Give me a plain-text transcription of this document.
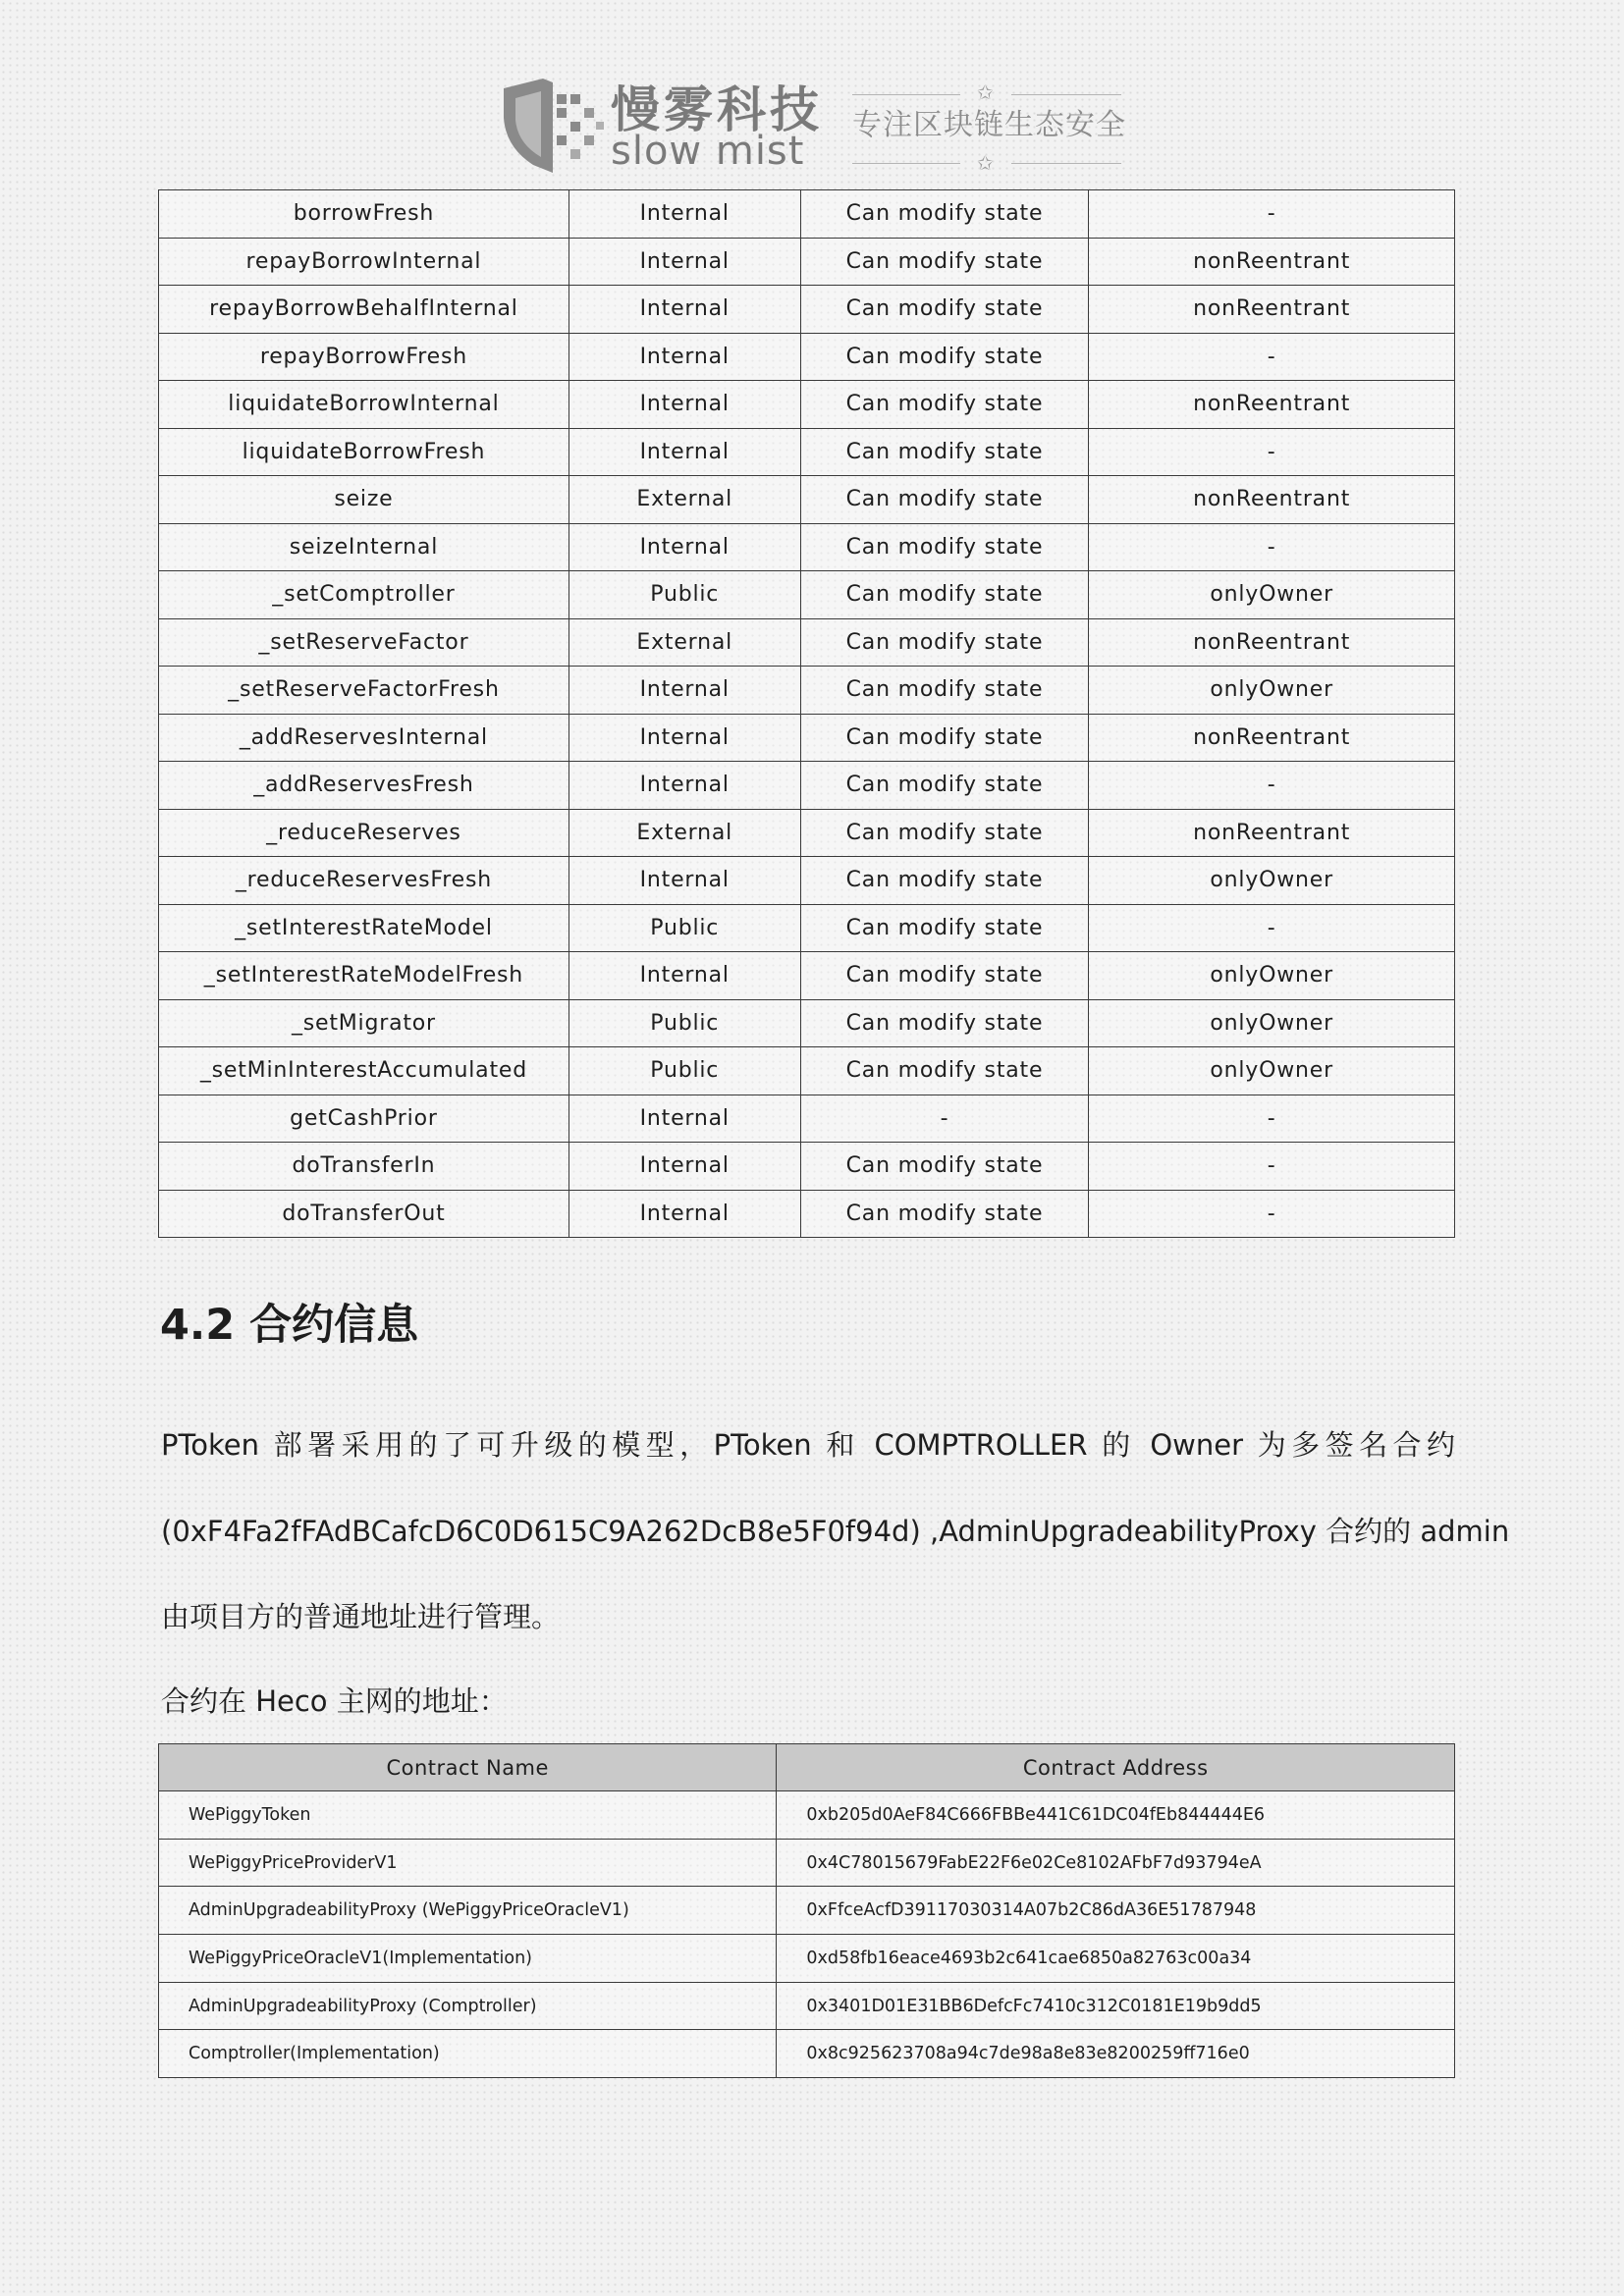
慢雾科技
slow mist
✩
专注区块链生态安全
✩
borrowFresh	Internal	Can modify state	-
repayBorrowInternal	Internal	Can modify state	nonReentrant
repayBorrowBehalfInternal	Internal	Can modify state	nonReentrant
repayBorrowFresh	Internal	Can modify state	-
liquidateBorrowInternal	Internal	Can modify state	nonReentrant
liquidateBorrowFresh	Internal	Can modify state	-
seize	External	Can modify state	nonReentrant
seizeInternal	Internal	Can modify state	-
_setComptroller	Public	Can modify state	onlyOwner
_setReserveFactor	External	Can modify state	nonReentrant
_setReserveFactorFresh	Internal	Can modify state	onlyOwner
_addReservesInternal	Internal	Can modify state	nonReentrant
_addReservesFresh	Internal	Can modify state	-
_reduceReserves	External	Can modify state	nonReentrant
_reduceReservesFresh	Internal	Can modify state	onlyOwner
_setInterestRateModel	Public	Can modify state	-
_setInterestRateModelFresh	Internal	Can modify state	onlyOwner
_setMigrator	Public	Can modify state	onlyOwner
_setMinInterestAccumulated	Public	Can modify state	onlyOwner
getCashPrior	Internal	-	-
doTransferIn	Internal	Can modify state	-
doTransferOut	Internal	Can modify state	-
4.2 合约信息

PToken 部署采用的了可升级的模型，PToken 和 COMPTROLLER 的 Owner 为多签名合约

(0xF4Fa2fFAdBCafcD6C0D615C9A262DcB8e5F0f94d) ,AdminUpgradeabilityProxy 合约的 admin

由项目方的普通地址进行管理。

合约在 Heco 主网的地址：

Contract Name	Contract Address
WePiggyToken	0xb205d0AeF84C666FBBe441C61DC04fEb844444E6
WePiggyPriceProviderV1	0x4C78015679FabE22F6e02Ce8102AFbF7d93794eA
AdminUpgradeabilityProxy (WePiggyPriceOracleV1)	0xFfceAcfD39117030314A07b2C86dA36E51787948
WePiggyPriceOracleV1(Implementation)	0xd58fb16eace4693b2c641cae6850a82763c00a34
AdminUpgradeabilityProxy (Comptroller)	0x3401D01E31BB6DefcFc7410c312C0181E19b9dd5
Comptroller(Implementation)	0x8c925623708a94c7de98a8e83e8200259ff716e0
